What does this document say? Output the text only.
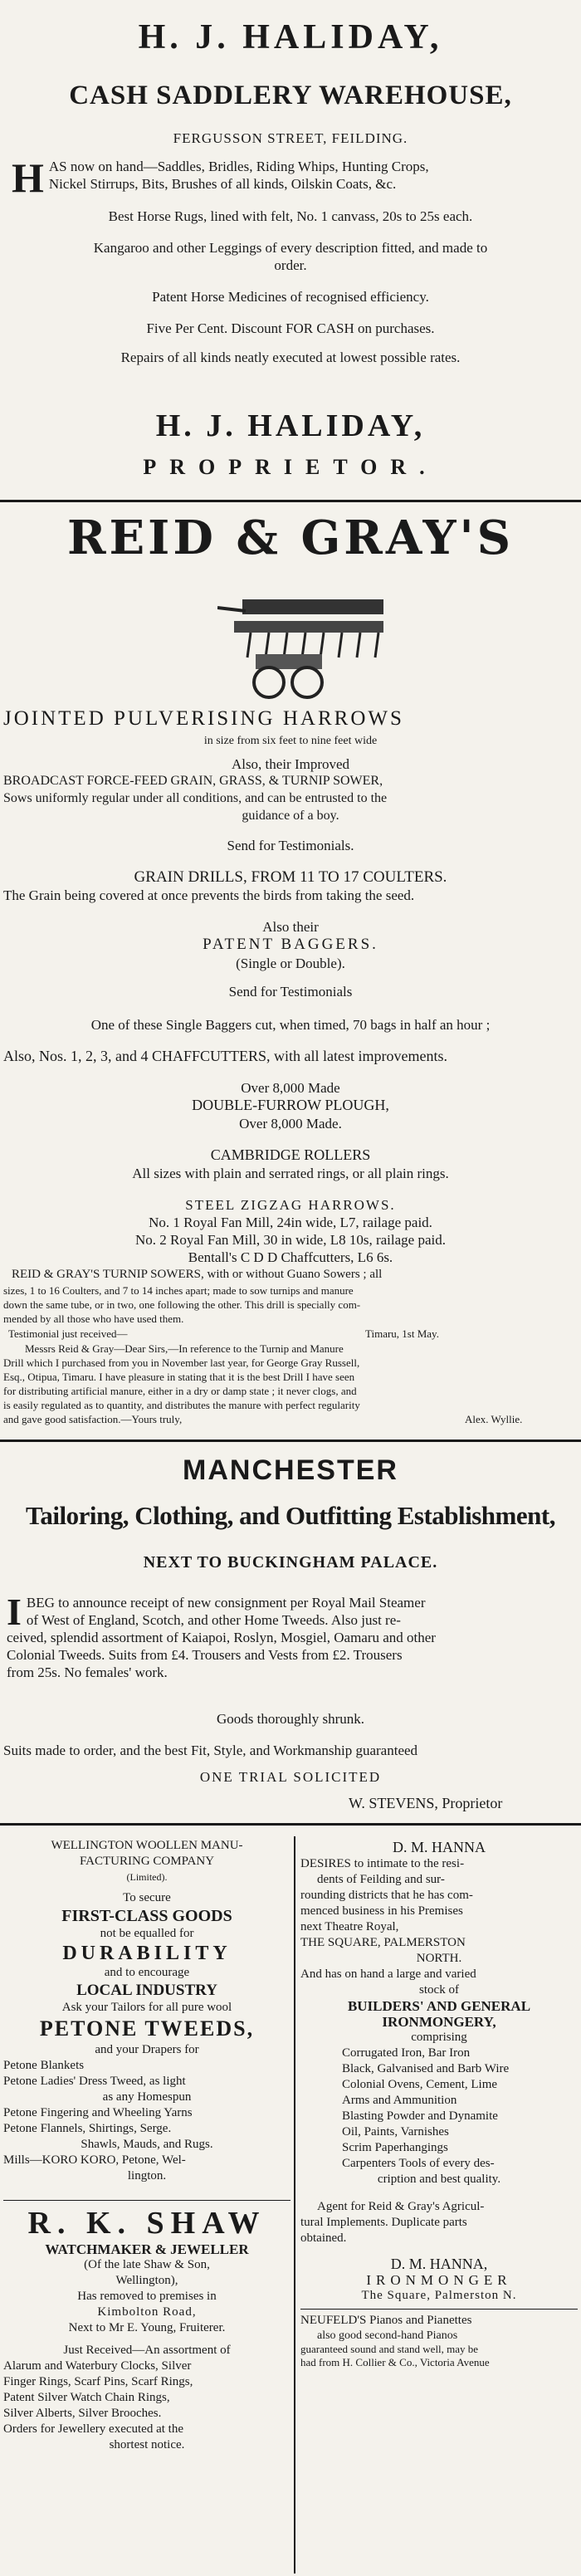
H. J. HALIDAY,
CASH SADDLERY WAREHOUSE,
FERGUSSON STREET, FEILDING.
H AS now on hand—Saddles, Bridles, Riding Whips, Hunting Crops,
Nickel Stirrups, Bits, Brushes of all kinds, Oilskin Coats, &c.
Best Horse Rugs, lined with felt, No. 1 canvass, 20s to 25s each.
Kangaroo and other Leggings of every description fitted, and made to
order.
Patent Horse Medicines of recognised efficiency.
Five Per Cent. Discount FOR CASH on purchases.
Repairs of all kinds neatly executed at lowest possible rates.
H. J. HALIDAY,
PROPRIETOR.
REID & GRAY'S
JOINTED PULVERISING HARROWS
in size from six feet to nine feet wide
Also, their Improved
BROADCAST FORCE-FEED GRAIN, GRASS, & TURNIP SOWER,
Sows uniformly regular under all conditions, and can be entrusted to the
guidance of a boy.
Send for Testimonials.
GRAIN DRILLS, FROM 11 TO 17 COULTERS.
The Grain being covered at once prevents the birds from taking the seed.
Also their
PATENT BAGGERS.
(Single or Double).
Send for Testimonials
One of these Single Baggers cut, when timed, 70 bags in half an hour ;
Also, Nos. 1, 2, 3, and 4 CHAFFCUTTERS, with all latest improvements.
Over 8,000 Made
DOUBLE-FURROW PLOUGH,
Over 8,000 Made.
CAMBRIDGE ROLLERS
All sizes with plain and serrated rings, or all plain rings.
STEEL ZIGZAG HARROWS.
No. 1 Royal Fan Mill, 24in wide, L7, railage paid.
No. 2 Royal Fan Mill, 30 in wide, L8 10s, railage paid.
Bentall's C D D Chaffcutters, L6 6s.
REID & GRAY'S TURNIP SOWERS, with or without Guano Sowers ; all
sizes, 1 to 16 Coulters, and 7 to 14 inches apart; made to sow turnips and manure
down the same tube, or in two, one following the other. This drill is specially com-
mended by all those who have used them.
Testimonial just received—	Timaru, 1st May.
Messrs Reid & Gray—Dear Sirs,—In reference to the Turnip and Manure
Drill which I purchased from you in November last year, for George Gray Russell,
Esq., Otipua, Timaru. I have pleasure in stating that it is the best Drill I have seen
for distributing artificial manure, either in a dry or damp state ; it never clogs, and
is easily regulated as to quantity, and distributes the manure with perfect regularity
and gave good satisfaction.—Yours truly,	Alex. Wyllie.
MANCHESTER
Tailoring, Clothing, and Outfitting Establishment,
NEXT TO BUCKINGHAM PALACE.
I BEG to announce receipt of new consignment per Royal Mail Steamer
of West of England, Scotch, and other Home Tweeds. Also just re-
ceived, splendid assortment of Kaiapoi, Roslyn, Mosgiel, Oamaru and other
Colonial Tweeds. Suits from £4. Trousers and Vests from £2. Trousers
from 25s. No females' work.
Goods thoroughly shrunk.
Suits made to order, and the best Fit, Style, and Workmanship guaranteed
ONE TRIAL SOLICITED
W. STEVENS, Proprietor
WELLINGTON WOOLLEN MANU-
FACTURING COMPANY
(Limited).
To secure
FIRST-CLASS GOODS
not be equalled for
DURABILITY
and to encourage
LOCAL INDUSTRY
Ask your Tailors for all pure wool
PETONE TWEEDS,
and your Drapers for
Petone Blankets
Petone Ladies' Dress Tweed, as light
as any Homespun
Petone Fingering and Wheeling Yarns
Petone Flannels, Shirtings, Serge.
Shawls, Mauds, and Rugs.
Mills—KORO KORO, Petone, Wel-
lington.
R. K. SHAW
WATCHMAKER & JEWELLER
(Of the late Shaw & Son,
Wellington),
Has removed to premises in
Kimbolton Road,
Next to Mr E. Young, Fruiterer.
Just Received—An assortment of
Alarum and Waterbury Clocks, Silver
Finger Rings, Scarf Pins, Scarf Rings,
Patent Silver Watch Chain Rings,
Silver Alberts, Silver Brooches.
Orders for Jewellery executed at the
shortest notice.
D. M. HANNA
DESIRES to intimate to the resi-
dents of Feilding and sur-
rounding districts that he has com-
menced business in his Premises
next Theatre Royal,
THE SQUARE, PALMERSTON
NORTH.
And has on hand a large and varied
stock of
BUILDERS' AND GENERAL
IRONMONGERY,
comprising
Corrugated Iron, Bar Iron
Black, Galvanised and Barb Wire
Colonial Ovens, Cement, Lime
Arms and Ammunition
Blasting Powder and Dynamite
Oil, Paints, Varnishes
Scrim Paperhangings
Carpenters Tools of every des-
cription and best quality.
Agent for Reid & Gray's Agricul-
tural Implements. Duplicate parts
obtained.
D. M. HANNA,
IRONMONGER
The Square, Palmerston N.
NEUFELD'S Pianos and Pianettes
also good second-hand Pianos
guaranteed sound and stand well, may be
had from H. Collier & Co., Victoria Avenue
